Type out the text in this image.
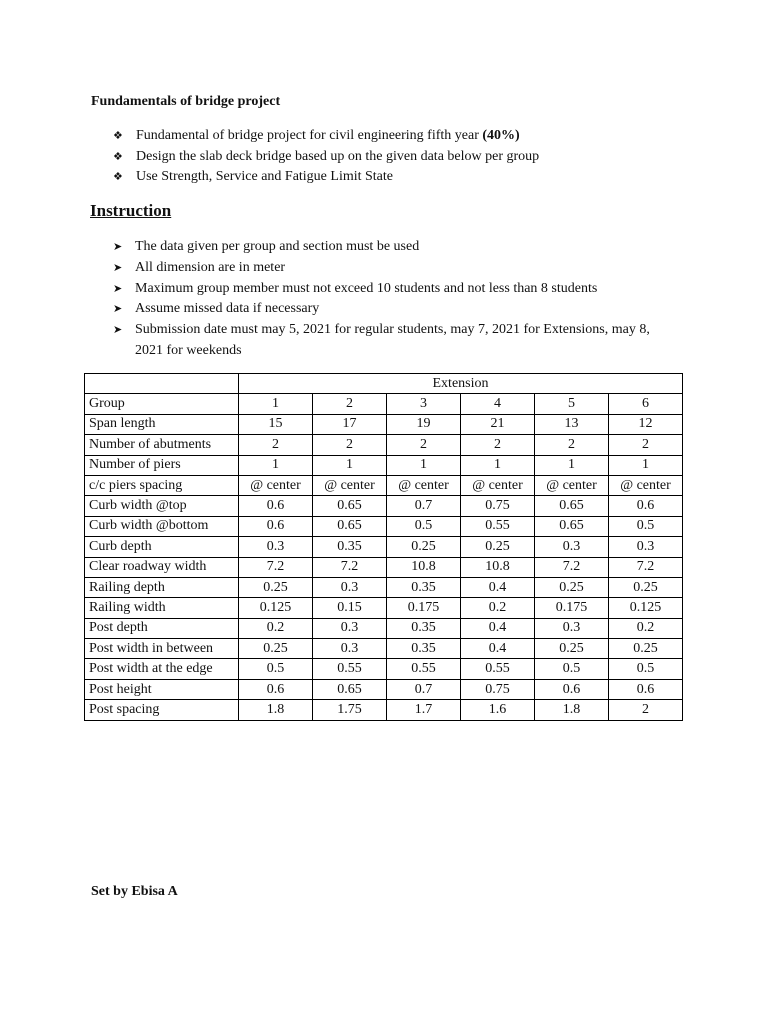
Fundamentals of bridge project
❖ Fundamental of bridge project for civil engineering fifth year (40%)
❖ Design the slab deck bridge based up on the given data below per group
❖ Use Strength, Service and Fatigue Limit State
Instruction
➤ The data given per group and section must be used
➤ All dimension are in meter
➤ Maximum group member must not exceed 10 students and not less than 8 students
➤ Assume missed data if necessary
➤ Submission date must may 5, 2021 for regular students, may 7, 2021 for Extensions, may 8, 2021 for weekends
	Extension					
Group	1	2	3	4	5	6
Span length	15	17	19	21	13	12
Number of abutments	2	2	2	2	2	2
Number of piers	1	1	1	1	1	1
c/c piers spacing	@ center	@ center	@ center	@ center	@ center	@ center
Curb width @top	0.6	0.65	0.7	0.75	0.65	0.6
Curb width @bottom	0.6	0.65	0.5	0.55	0.65	0.5
Curb depth	0.3	0.35	0.25	0.25	0.3	0.3
Clear roadway width	7.2	7.2	10.8	10.8	7.2	7.2
Railing depth	0.25	0.3	0.35	0.4	0.25	0.25
Railing width	0.125	0.15	0.175	0.2	0.175	0.125
Post depth	0.2	0.3	0.35	0.4	0.3	0.2
Post width in between	0.25	0.3	0.35	0.4	0.25	0.25
Post width at the edge	0.5	0.55	0.55	0.55	0.5	0.5
Post height	0.6	0.65	0.7	0.75	0.6	0.6
Post spacing	1.8	1.75	1.7	1.6	1.8	2
Set by Ebisa A
